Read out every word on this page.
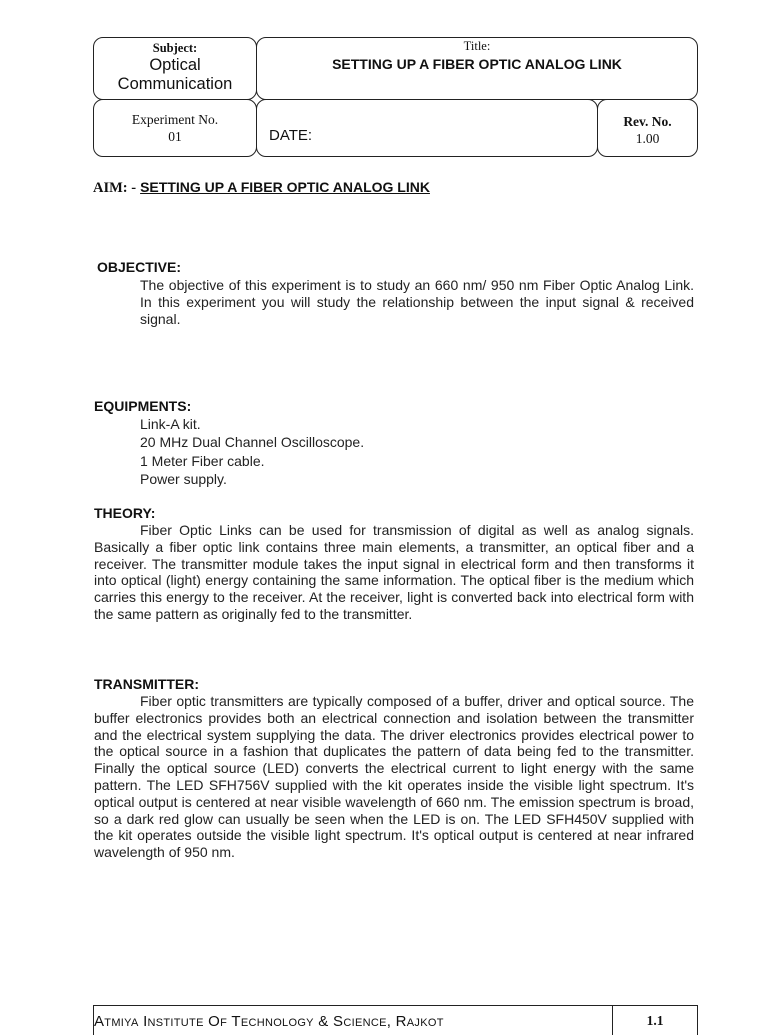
Subject:
Optical
Communication
Title:
SETTING UP A FIBER OPTIC ANALOG LINK
Experiment No.
01	DATE:
Rev. No.
1.00
AIM: - SETTING UP A FIBER OPTIC ANALOG LINK
OBJECTIVE:
The objective of this experiment is to study an 660 nm/ 950 nm Fiber Optic Analog Link. In this experiment you will study the relationship between the input signal & received signal.
EQUIPMENTS:
Link-A kit.
20 MHz Dual Channel Oscilloscope.
1 Meter Fiber cable.
Power supply.
THEORY:
Fiber Optic Links can be used for transmission of digital as well as analog signals. Basically a fiber optic link contains three main elements, a transmitter, an optical fiber and a receiver. The transmitter module takes the input signal in electrical form and then transforms it into optical (light) energy containing the same information. The optical fiber is the medium which carries this energy to the receiver. At the receiver, light is converted back into electrical form with the same pattern as originally fed to the transmitter.
TRANSMITTER:
Fiber optic transmitters are typically composed of a buffer, driver and optical source. The buffer electronics provides both an electrical connection and isolation between the transmitter and the electrical system supplying the data. The driver electronics provides electrical power to the optical source in a fashion that duplicates the pattern of data being fed to the transmitter. Finally the optical source (LED) converts the electrical current to light energy with the same pattern. The LED SFH756V supplied with the kit operates inside the visible light spectrum. It's optical output is centered at near visible wavelength of 660 nm. The emission spectrum is broad, so a dark red glow can usually be seen when the LED is on. The LED SFH450V supplied with the kit operates outside the visible light spectrum. It's optical output is centered at near infrared wavelength of 950 nm.
Atmiya Institute Of Technology & Science, Rajkot	1.1
